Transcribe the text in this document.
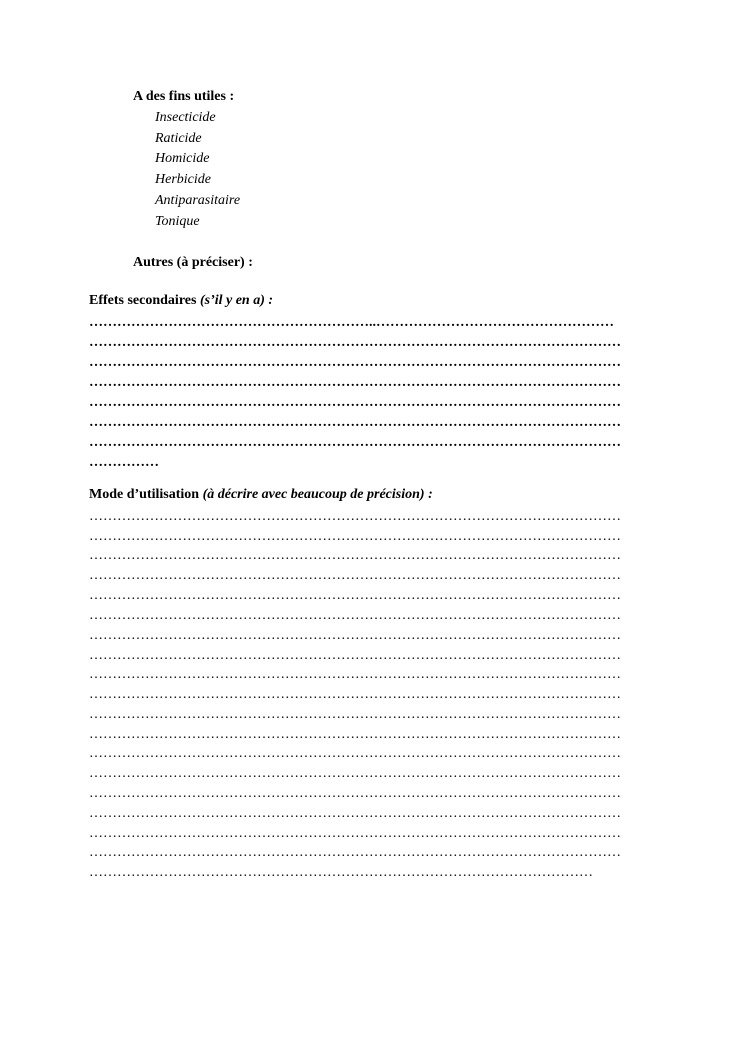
A des fins utiles :
Insecticide
Raticide
Homicide
Herbicide
Antiparasitaire
Tonique
Autres (à préciser) :
Effets secondaires (s’il y en a) :
……………………………………………………..……………………………………………
……………………………………………………………………………………………………
……………………………………………………………………………………………………
……………………………………………………………………………………………………
……………………………………………………………………………………………………
……………………………………………………………………………………………………
……………………………………………………………………………………………………
……………
Mode d’utilisation (à décrire avec beaucoup de précision) :
……………………………………………………………………………………………………
……………………………………………………………………………………………………
……………………………………………………………………………………………………
……………………………………………………………………………………………………
……………………………………………………………………………………………………
……………………………………………………………………………………………………
……………………………………………………………………………………………………
……………………………………………………………………………………………………
……………………………………………………………………………………………………
……………………………………………………………………………………………………
……………………………………………………………………………………………………
……………………………………………………………………………………………………
……………………………………………………………………………………………………
……………………………………………………………………………………………………
……………………………………………………………………………………………………
……………………………………………………………………………………………………
……………………………………………………………………………………………………
……………………………………………………………………………………………………
………………………………………………………………………………………………
